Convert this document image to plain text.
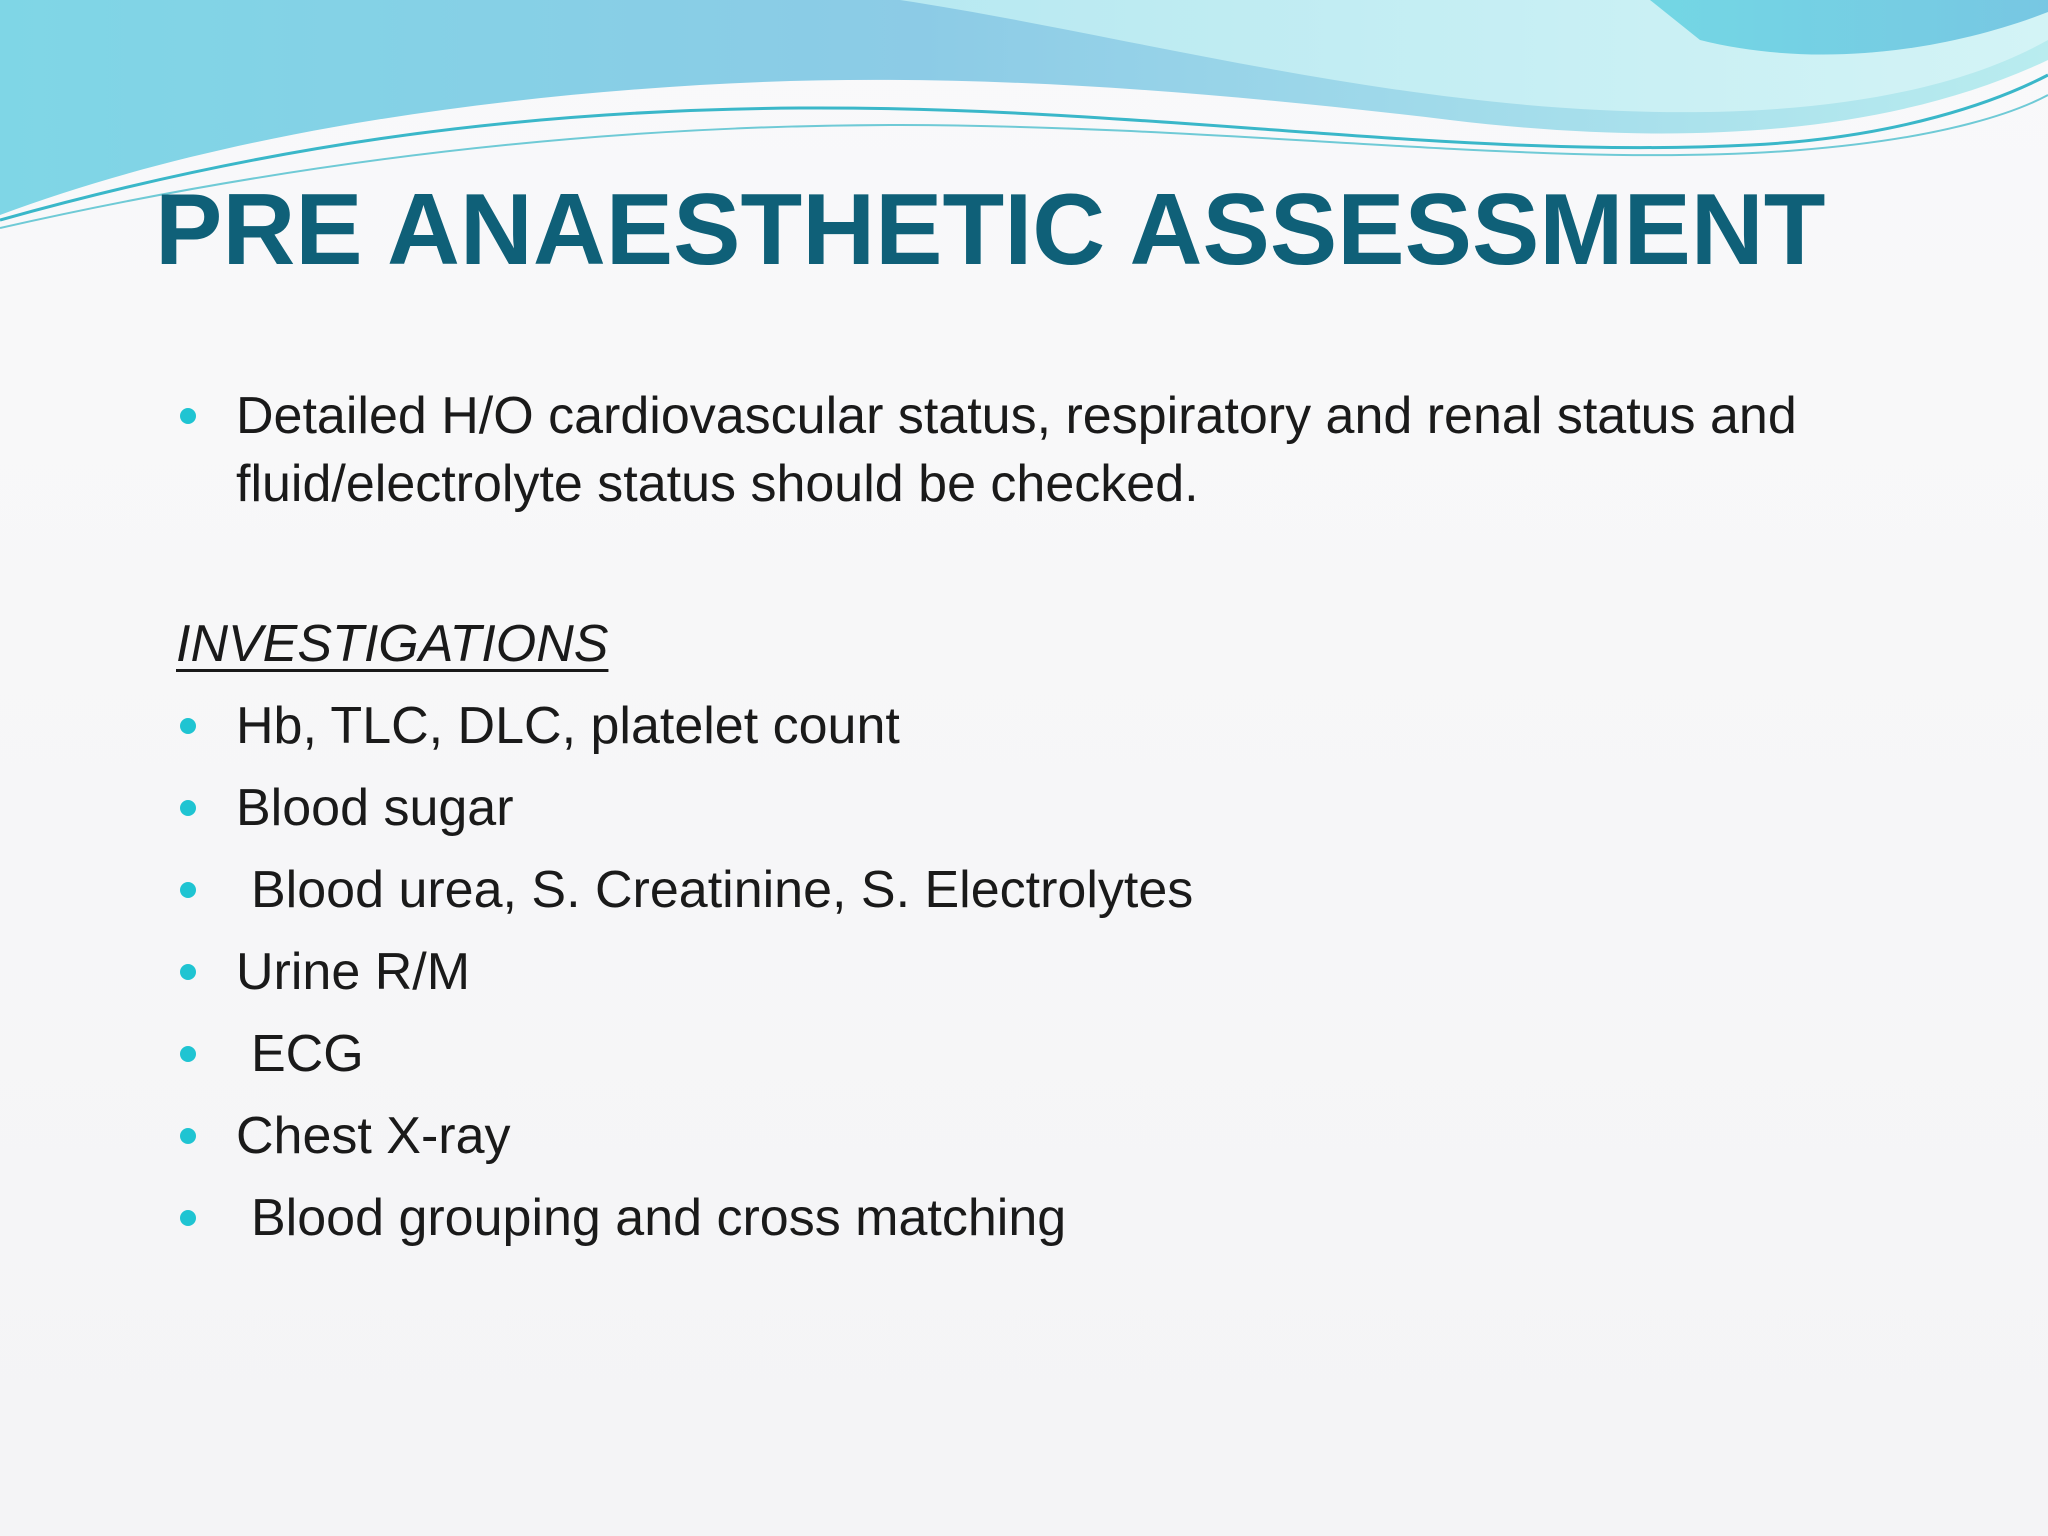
PRE ANAESTHETIC ASSESSMENT
Detailed H/O cardiovascular status, respiratory and renal status and fluid/electrolyte status should be checked.
INVESTIGATIONS
Hb, TLC, DLC, platelet count
Blood sugar
Blood urea, S. Creatinine, S. Electrolytes
Urine R/M
ECG
Chest X-ray
Blood grouping and cross matching
